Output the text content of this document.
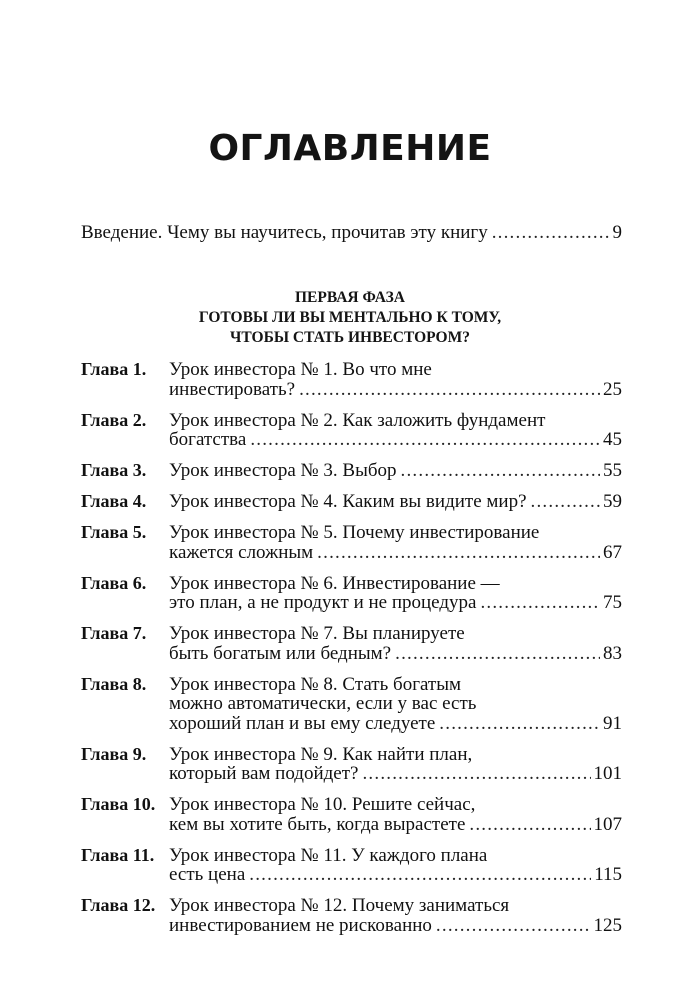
ОГЛАВЛЕНИЕ
Введение. Чему вы научитесь, прочитав эту книгу .....	9
ПЕРВАЯ ФАЗА
ГОТОВЫ ЛИ ВЫ МЕНТАЛЬНО К ТОМУ,
ЧТОБЫ СТАТЬ ИНВЕСТОРОМ?
Глава 1.	Урок инвестора № 1. Во что мне
инвестировать? .....	25
Глава 2.	Урок инвестора № 2. Как заложить фундамент
богатства .....	45
Глава 3.	Урок инвестора № 3. Выбор .....	55
Глава 4.	Урок инвестора № 4. Каким вы видите мир? .....	59
Глава 5.	Урок инвестора № 5. Почему инвестирование
кажется сложным .....	67
Глава 6.	Урок инвестора № 6. Инвестирование —
это план, а не продукт и не процедура .....	75
Глава 7.	Урок инвестора № 7. Вы планируете
быть богатым или бедным? .....	83
Глава 8.	Урок инвестора № 8. Стать богатым
можно автоматически, если у вас есть
хороший план и вы ему следуете .....	91
Глава 9.	Урок инвестора № 9. Как найти план,
который вам подойдет? .....	101
Глава 10. Урок инвестора № 10. Решите сейчас,
кем вы хотите быть, когда вырастете .....	107
Глава 11. Урок инвестора № 11. У каждого плана
есть цена .....	115
Глава 12. Урок инвестора № 12. Почему заниматься
инвестированием не рискованно .....	125
